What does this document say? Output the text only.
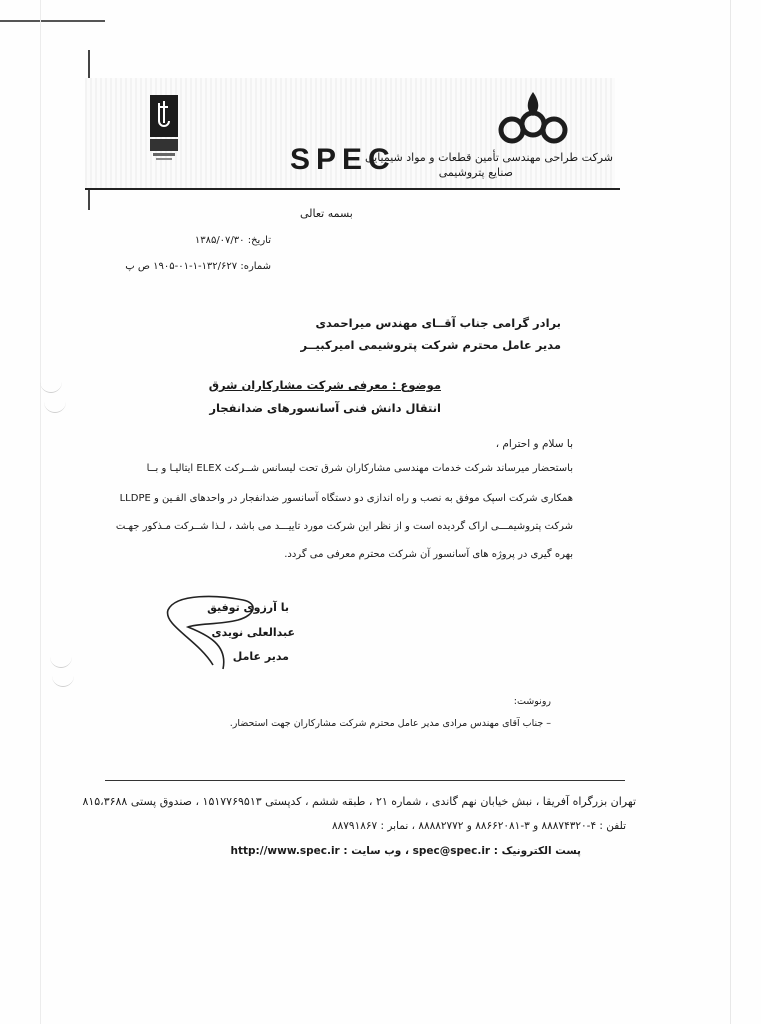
SPEC
شرکت طراحی مهندسی تأمین قطعات و مواد شیمیایی
صنایع پتروشیمی
بسمه تعالی
تاریخ: ۱۳۸۵/۰۷/۳۰
شماره: ۱۳۲/۶۲۷-۱-۰۱-۱۹۰۵ ص پ
برادر گرامی جناب آقــای مهندس میراحمدی
مدیر عامل محترم شرکت پتروشیمی امیرکبیــر
موضوع : معرفی شرکت مشارکاران شرق
انتقال دانش فنی آسانسورهای ضدانفجار
با سلام و احترام ،
باستحضار میرساند شرکت خدمات مهندسی مشارکاران شرق تحت لیسانس شــرکت ELEX ایتالیـا و بــا
همکاری شرکت اسپک موفق به نصب و راه اندازی دو دستگاه آسانسور ضدانفجار در واحدهای الفـین و LLDPE
شرکت پتروشیمـــی اراک گردیده است و از نظر این شرکت مورد تاییـــد می باشد ، لـذا شــرکت مـذکور جهـت
بهره گیری در پروژه های آسانسور آن شرکت محترم معرفی می گردد.
با آرزوی توفیق
عبدالعلی نویدی
مدیر عامل
رونوشت:
– جناب آقای مهندس مرادی مدیر عامل محترم شرکت مشارکاران جهت استحضار.
تهران بزرگراه آفریقا ، نبش خیابان نهم گاندی ، شماره ۲۱ ، طبقه ششم ، کدپستی ۱۵۱۷۷۶۹۵۱۳ ، صندوق پستی ۸۱۵،۳۶۸۸
تلفن : ۴-۸۸۸۷۴۳۲۰ و ۳-۸۸۶۶۲۰۸۱ و ۸۸۸۸۲۷۷۲ ، نمابر : ۸۸۷۹۱۸۶۷
پست الکترونیک : spec@spec.ir ، وب سایت : http://www.spec.ir
